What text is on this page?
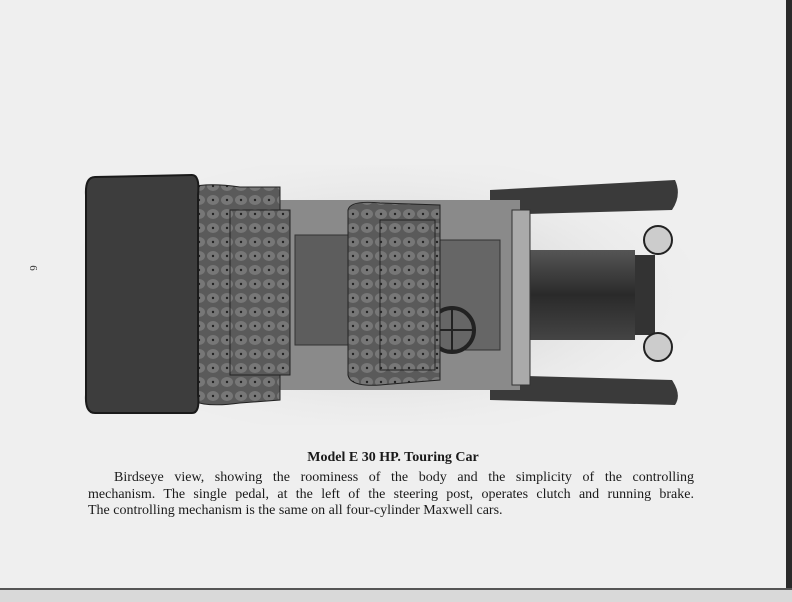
6
Model E 30 HP. Touring Car
Birdseye view, showing the roominess of the body and the simplicity of the controlling
mechanism. The single pedal, at the left of the steering post, operates clutch and running brake.
The controlling mechanism is the same on all four-cylinder Maxwell cars.
